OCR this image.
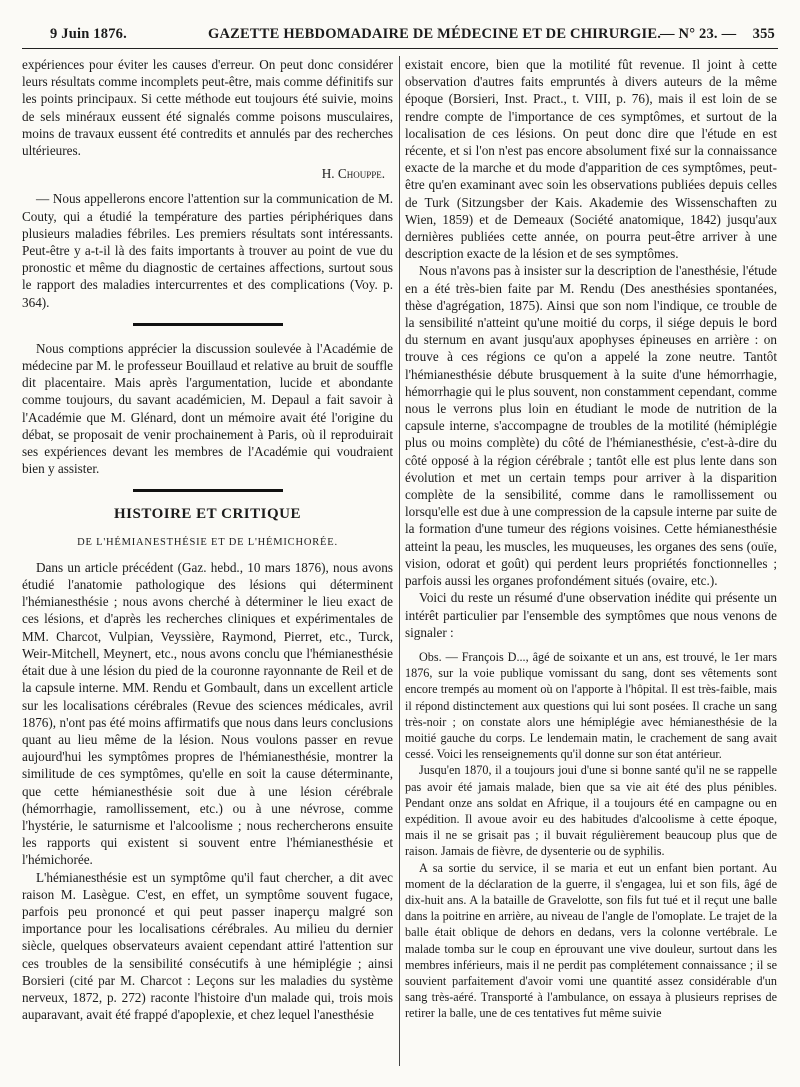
9 Juin 1876.	GAZETTE HEBDOMADAIRE DE MÉDECINE ET DE CHIRURGIE.
— N° 23. — 355

expériences pour éviter les causes d'erreur. On peut donc considérer leurs résultats comme incomplets peut-être, mais comme définitifs sur les points principaux. Si cette méthode eut toujours été suivie, moins de sels minéraux eussent été signalés comme poisons musculaires, moins de travaux eussent été contredits et annulés par des recherches ultérieures.

H. Chouppe.

— Nous appellerons encore l'attention sur la communication de M. Couty, qui a étudié la température des parties périphériques dans plusieurs maladies fébriles. Les premiers résultats sont intéressants. Peut-être y a-t-il là des faits importants à trouver au point de vue du pronostic et même du diagnostic de certaines affections, surtout sous le rapport des maladies intercurrentes et des complications (Voy. p. 364).

Nous comptions apprécier la discussion soulevée à l'Académie de médecine par M. le professeur Bouillaud et relative au bruit de souffle dit placentaire. Mais après l'argumentation, lucide et abondante comme toujours, du savant académicien, M. Depaul a fait savoir à l'Académie que M. Glénard, dont un mémoire avait été l'origine du débat, se proposait de venir prochainement à Paris, où il reproduirait ses expériences devant les membres de l'Académie qui voudraient bien y assister.

HISTOIRE ET CRITIQUE

DE L'HÉMIANESTHÉSIE ET DE L'HÉMICHORÉE.

Dans un article précédent (Gaz. hebd., 10 mars 1876), nous avons étudié l'anatomie pathologique des lésions qui déterminent l'hémianesthésie ; nous avons cherché à déterminer le lieu exact de ces lésions, et d'après les recherches cliniques et expérimentales de MM. Charcot, Vulpian, Veyssière, Raymond, Pierret, etc., Turck, Weir-Mitchell, Meynert, etc., nous avons conclu que l'hémianesthésie était due à une lésion du pied de la couronne rayonnante de Reil et de la capsule interne. MM. Rendu et Gombault, dans un excellent article sur les localisations cérébrales (Revue des sciences médicales, avril 1876), n'ont pas été moins affirmatifs que nous dans leurs conclusions quant au lieu même de la lésion. Nous voulons passer en revue aujourd'hui les symptômes propres de l'hémianesthésie, montrer la similitude de ces symptômes, qu'elle en soit la cause déterminante, que cette hémianesthésie soit due à une lésion cérébrale (hémorrhagie, ramollissement, etc.) ou à une névrose, comme l'hystérie, le saturnisme et l'alcoolisme ; nous rechercherons ensuite les rapports qui existent si souvent entre l'hémianesthésie et l'hémichorée.

L'hémianesthésie est un symptôme qu'il faut chercher, a dit avec raison M. Lasègue. C'est, en effet, un symptôme souvent fugace, parfois peu prononcé et qui peut passer inaperçu malgré son importance pour les localisations cérébrales. Au milieu du dernier siècle, quelques observateurs avaient cependant attiré l'attention sur ces troubles de la sensibilité consécutifs à une hémiplégie ; ainsi Borsieri (cité par M. Charcot : Leçons sur les maladies du système nerveux, 1872, p. 272) raconte l'histoire d'un malade qui, trois mois auparavant, avait été frappé d'apoplexie, et chez lequel l'anesthésie

existait encore, bien que la motilité fût revenue. Il joint à cette observation d'autres faits empruntés à divers auteurs de la même époque (Borsieri, Inst. Pract., t. VIII, p. 76), mais il est loin de se rendre compte de l'importance de ces symptômes, et surtout de la localisation de ces lésions. On peut donc dire que l'étude en est récente, et si l'on n'est pas encore absolument fixé sur la connaissance exacte de la marche et du mode d'apparition de ces symptômes, peut-être qu'en examinant avec soin les observations publiées depuis celles de Turk (Sitzungsber der Kais. Akademie des Wissenschaften zu Wien, 1859) et de Demeaux (Société anatomique, 1842) jusqu'aux dernières publiées cette année, on pourra peut-être arriver à une description exacte de la lésion et de ses symptômes.

Nous n'avons pas à insister sur la description de l'anesthésie, l'étude en a été très-bien faite par M. Rendu (Des anesthésies spontanées, thèse d'agrégation, 1875). Ainsi que son nom l'indique, ce trouble de la sensibilité n'atteint qu'une moitié du corps, il siége depuis le bord du sternum en avant jusqu'aux apophyses épineuses en arrière : on trouve à ces régions ce qu'on a appelé la zone neutre. Tantôt l'hémianesthésie débute brusquement à la suite d'une hémorrhagie, hémorrhagie qui le plus souvent, non constamment cependant, comme nous le verrons plus loin en étudiant le mode de nutrition de la capsule interne, s'accompagne de troubles de la motilité (hémiplégie plus ou moins complète) du côté de l'hémianesthésie, c'est-à-dire du côté opposé à la région cérébrale ; tantôt elle est plus lente dans son évolution et met un certain temps pour arriver à la disparition complète de la sensibilité, comme dans le ramollissement ou lorsqu'elle est due à une compression de la capsule interne par suite de la formation d'une tumeur des régions voisines. Cette hémianesthésie atteint la peau, les muscles, les muqueuses, les organes des sens (ouïe, vision, odorat et goût) qui perdent leurs propriétés fonctionnelles ; parfois aussi les organes profondément situés (ovaire, etc.).

Voici du reste un résumé d'une observation inédite qui présente un intérêt particulier par l'ensemble des symptômes que nous venons de signaler :

Obs. — François D..., âgé de soixante et un ans, est trouvé, le 1er mars 1876, sur la voie publique vomissant du sang, dont ses vêtements sont encore trempés au moment où on l'apporte à l'hôpital. Il est très-faible, mais il répond distinctement aux questions qui lui sont posées. Il crache un sang très-noir ; on constate alors une hémiplégie avec hémianesthésie de la moitié gauche du corps. Le lendemain matin, le crachement de sang avait cessé. Voici les renseignements qu'il donne sur son état antérieur.

Jusqu'en 1870, il a toujours joui d'une si bonne santé qu'il ne se rappelle pas avoir été jamais malade, bien que sa vie ait été des plus pénibles. Pendant onze ans soldat en Afrique, il a toujours été en campagne ou en expédition. Il avoue avoir eu des habitudes d'alcoolisme à cette époque, mais il ne se grisait pas ; il buvait régulièrement beaucoup plus que de raison. Jamais de fièvre, de dysenterie ou de syphilis.

A sa sortie du service, il se maria et eut un enfant bien portant. Au moment de la déclaration de la guerre, il s'engagea, lui et son fils, âgé de dix-huit ans. A la bataille de Gravelotte, son fils fut tué et il reçut une balle dans la poitrine en arrière, au niveau de l'angle de l'omoplate. Le trajet de la balle était oblique de dehors en dedans, vers la colonne vertébrale. Le malade tomba sur le coup en éprouvant une vive douleur, surtout dans les membres inférieurs, mais il ne perdit pas complétement connaissance ; il se souvient parfaitement d'avoir vomi une quantité assez considérable d'un sang très-aéré. Transporté à l'ambulance, on essaya à plusieurs reprises de retirer la balle, une de ces tentatives fut même suivie
